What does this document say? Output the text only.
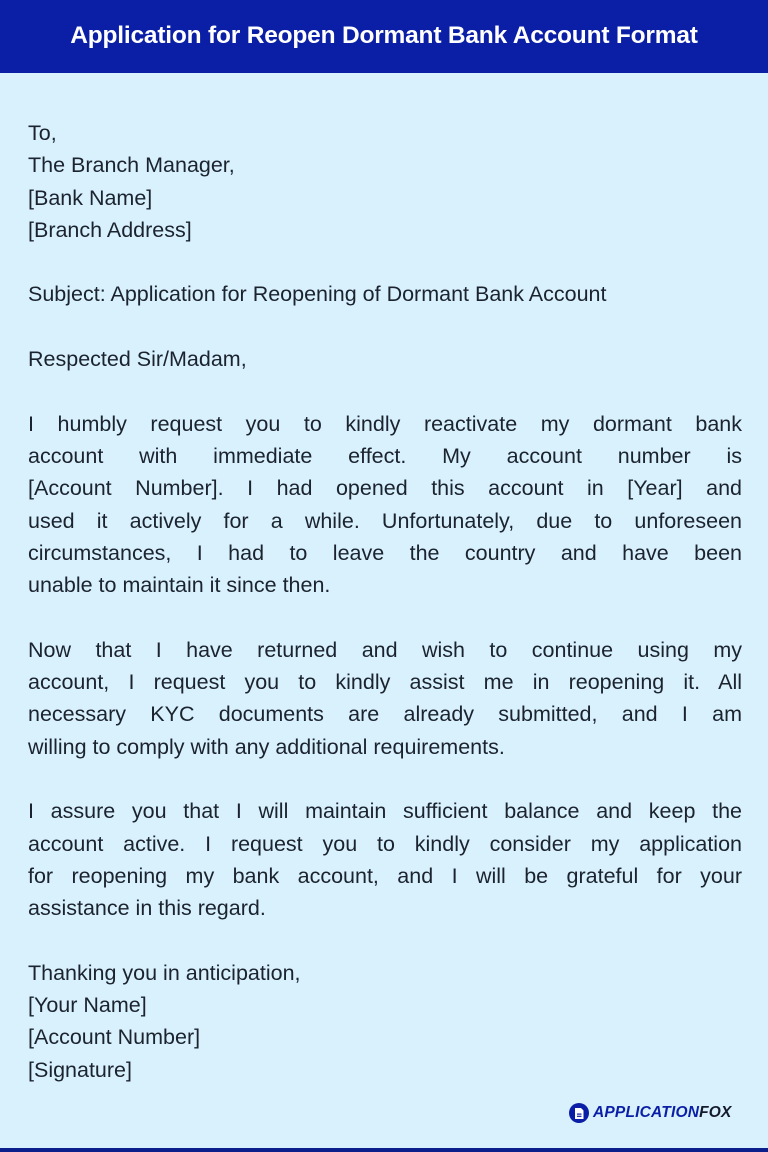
Application for Reopen Dormant Bank Account Format
To,
The Branch Manager,
[Bank Name]
[Branch Address]
Subject: Application for Reopening of Dormant Bank Account
Respected Sir/Madam,
I humbly request you to kindly reactivate my dormant bank
account with immediate effect. My account number is
[Account Number]. I had opened this account in [Year] and
used it actively for a while. Unfortunately, due to unforeseen
circumstances, I had to leave the country and have been
unable to maintain it since then.
Now that I have returned and wish to continue using my
account, I request you to kindly assist me in reopening it. All
necessary KYC documents are already submitted, and I am
willing to comply with any additional requirements.
I assure you that I will maintain sufficient balance and keep the
account active. I request you to kindly consider my application
for reopening my bank account, and I will be grateful for your
assistance in this regard.
Thanking you in anticipation,
[Your Name]
[Account Number]
[Signature]
APPLICATIONFOX
